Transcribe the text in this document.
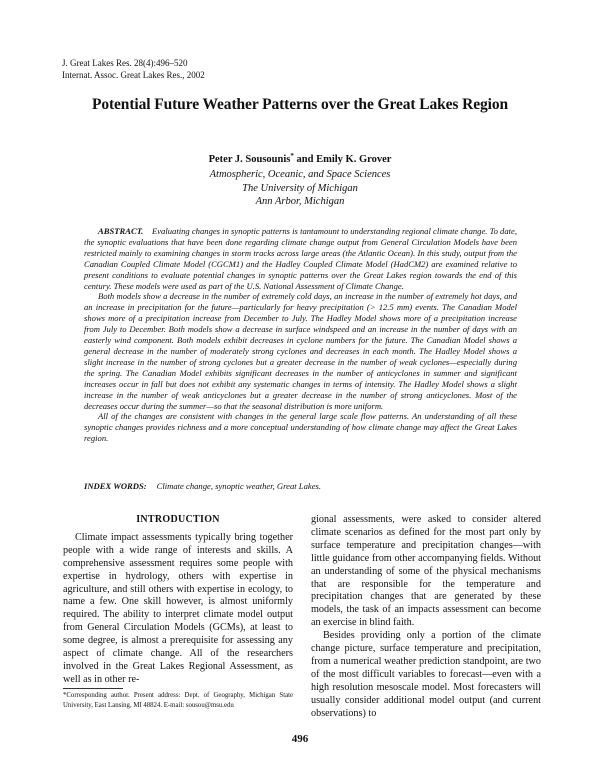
J. Great Lakes Res. 28(4):496–520
Internat. Assoc. Great Lakes Res., 2002
Potential Future Weather Patterns over the Great Lakes Region
Peter J. Sousounis* and Emily K. Grover
Atmospheric, Oceanic, and Space Sciences
The University of Michigan
Ann Arbor, Michigan

ABSTRACT. Evaluating changes in synoptic patterns is tantamount to understanding regional climate change. To date, the synoptic evaluations that have been done regarding climate change output from General Circulation Models have been restricted mainly to examining changes in storm tracks across large areas (the Atlantic Ocean). In this study, output from the Canadian Coupled Climate Model (CGCM1) and the Hadley Coupled Climate Model (HadCM2) are examined relative to present conditions to evaluate potential changes in synoptic patterns over the Great Lakes region towards the end of this century. These models were used as part of the U.S. National Assessment of Climate Change.

Both models show a decrease in the number of extremely cold days, an increase in the number of extremely hot days, and an increase in precipitation for the future—particularly for heavy precipitation (> 12.5 mm) events. The Canadian Model shows more of a precipitation increase from December to July. The Hadley Model shows more of a precipitation increase from July to December. Both models show a decrease in surface windspeed and an increase in the number of days with an easterly wind component. Both models exhibit decreases in cyclone numbers for the future. The Canadian Model shows a general decrease in the number of moderately strong cyclones and decreases in each month. The Hadley Model shows a slight increase in the number of strong cyclones but a greater decrease in the number of weak cyclones—especially during the spring. The Canadian Model exhibits significant decreases in the number of anticyclones in summer and significant increases occur in fall but does not exhibit any systematic changes in terms of intensity. The Hadley Model shows a slight increase in the number of weak anticyclones but a greater decrease in the number of strong anticyclones. Most of the decreases occur during the summer—so that the seasonal distribution is more uniform.

All of the changes are consistent with changes in the general large scale flow patterns. An understanding of all these synoptic changes provides richness and a more conceptual understanding of how climate change may affect the Great Lakes region.

INDEX WORDS: Climate change, synoptic weather, Great Lakes.

INTRODUCTION

Climate impact assessments typically bring together people with a wide range of interests and skills. A comprehensive assessment requires some people with expertise in hydrology, others with expertise in agriculture, and still others with expertise in ecology, to name a few. One skill however, is almost uniformly required. The ability to interpret climate model output from General Circulation Models (GCMs), at least to some degree, is almost a prerequisite for assessing any aspect of climate change. All of the researchers involved in the Great Lakes Regional Assessment, as well as in other re-

gional assessments, were asked to consider altered climate scenarios as defined for the most part only by surface temperature and precipitation changes—with little guidance from other accompanying fields. Without an understanding of some of the physical mechanisms that are responsible for the temperature and precipitation changes that are generated by these models, the task of an impacts assessment can become an exercise in blind faith.

Besides providing only a portion of the climate change picture, surface temperature and precipitation, from a numerical weather prediction standpoint, are two of the most difficult variables to forecast—even with a high resolution mesoscale model. Most forecasters will usually consider additional model output (and current observations) to

*Corresponding author. Present address: Dept. of Geography, Michigan State University, East Lansing, MI 48824. E-mail: sousou@msu.edu
496
